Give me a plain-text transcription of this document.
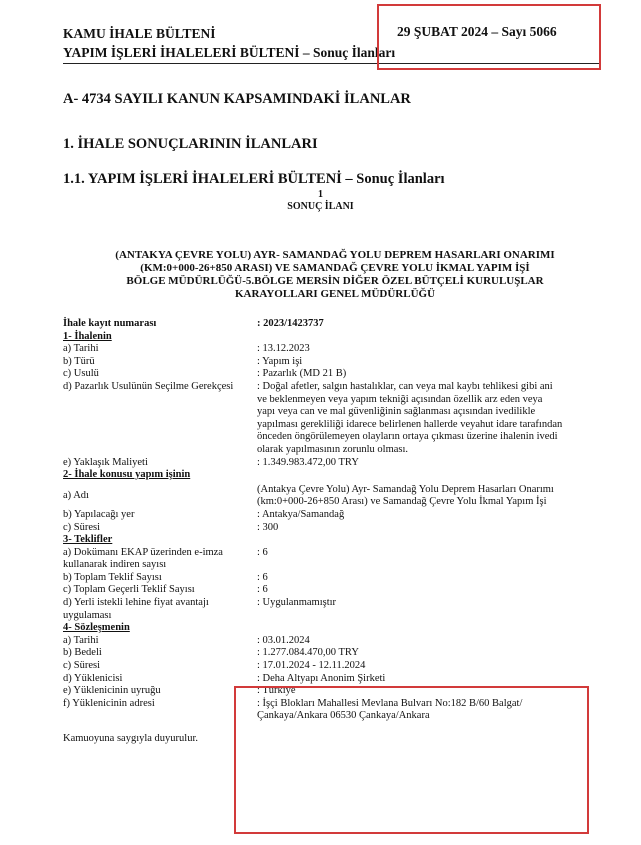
KAMU İHALE BÜLTENİ
YAPIM İŞLERİ İHALELERİ BÜLTENİ – Sonuç İlanları
29 ŞUBAT 2024 – Sayı 5066
A- 4734 SAYILI KANUN KAPSAMINDAKİ İLANLAR
1. İHALE SONUÇLARININ İLANLARI
1.1. YAPIM İŞLERİ İHALELERİ BÜLTENİ – Sonuç İlanları
1
SONUÇ İLANI
(ANTAKYA ÇEVRE YOLU) AYR- SAMANDAĞ YOLU DEPREM HASARLARI ONARIMI
(KM:0+000-26+850 ARASI) VE SAMANDAĞ ÇEVRE YOLU İKMAL YAPIM İŞİ
BÖLGE MÜDÜRLÜĞÜ-5.BÖLGE MERSİN DİĞER ÖZEL BÜTÇELİ KURULUŞLAR
KARAYOLLARI GENEL MÜDÜRLÜĞÜ
İhale kayıt numarası	: 2023/1423737
1- İhalenin	
a) Tarihi	: 13.12.2023
b) Türü	: Yapım işi
c) Usulü	: Pazarlık (MD 21 B)
d) Pazarlık Usulünün Seçilme Gerekçesi	: Doğal afetler, salgın hastalıklar, can veya mal kaybı tehlikesi gibi ani ve beklenmeyen veya yapım tekniği açısından özellik arz eden veya yapı veya can ve mal güvenliğinin sağlanması açısından ivedilikle yapılması gerekliliği idarece belirlenen hallerde veyahut idare tarafından önceden öngörülemeyen olayların ortaya çıkması üzerine ihalenin ivedi olarak yapılmasının zorunlu olması.
e) Yaklaşık Maliyeti	: 1.349.983.472,00 TRY
2- İhale konusu yapım işinin	
a) Adı	(Antakya Çevre Yolu) Ayr- Samandağ Yolu Deprem Hasarları Onarımı (km:0+000-26+850 Arası) ve Samandağ Çevre Yolu İkmal Yapım İşi
b) Yapılacağı yer	: Antakya/Samandağ
c) Süresi	: 300
3- Teklifler	
a) Dokümanı EKAP üzerinden e-imza kullanarak indiren sayısı	: 6
b) Toplam Teklif Sayısı	: 6
c) Toplam Geçerli Teklif Sayısı	: 6
d) Yerli istekli lehine fiyat avantajı uygulaması	: Uygulanmamıştır
4- Sözleşmenin	
a) Tarihi	: 03.01.2024
b) Bedeli	: 1.277.084.470,00 TRY
c) Süresi	: 17.01.2024 - 12.11.2024
d) Yüklenicisi	: Deha Altyapı Anonim Şirketi
e) Yüklenicinin uyruğu	: Türkiye
f) Yüklenicinin adresi	: İşçi Blokları Mahallesi Mevlana Bulvarı No:182 B/60 Balgat/ Çankaya/Ankara 06530 Çankaya/Ankara
Kamuoyuna saygıyla duyurulur.	
